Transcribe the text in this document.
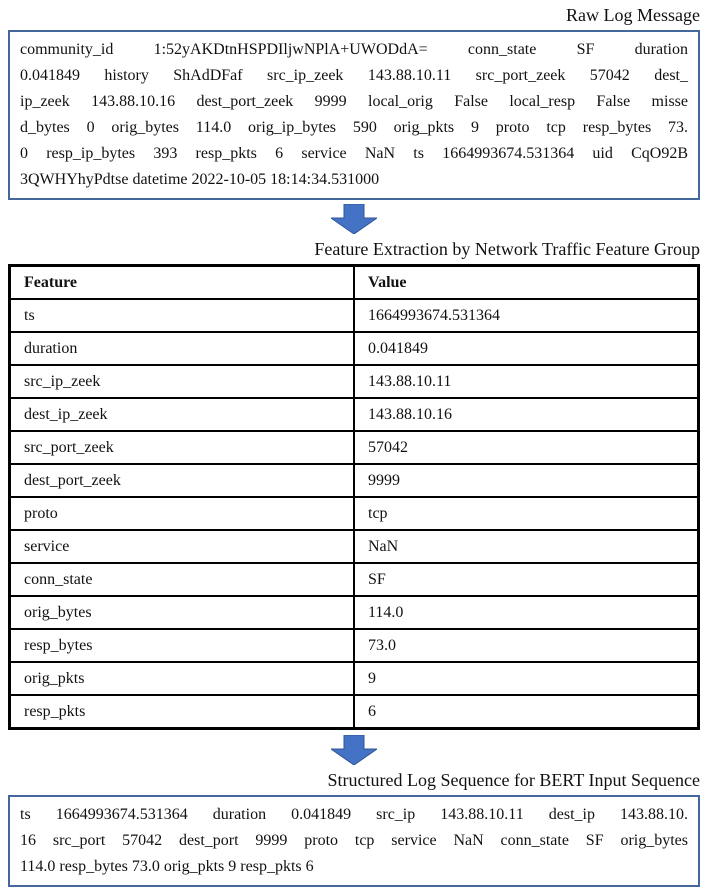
Raw Log Message
community_id 1:52yAKDtnHSPDIljwNPlA+UWODdA= conn_state SF duration
0.041849 history ShAdDFaf src_ip_zeek 143.88.10.11 src_port_zeek 57042 dest_
ip_zeek 143.88.10.16 dest_port_zeek 9999 local_orig False local_resp False misse
d_bytes 0 orig_bytes 114.0 orig_ip_bytes 590 orig_pkts 9 proto tcp resp_bytes 73.
0 resp_ip_bytes 393 resp_pkts 6 service NaN ts 1664993674.531364 uid CqO92B
3QWHYhyPdtse datetime 2022-10-05 18:14:34.531000
Feature Extraction by Network Traffic Feature Group
Feature	Value
ts	1664993674.531364
duration	0.041849
src_ip_zeek	143.88.10.11
dest_ip_zeek	143.88.10.16
src_port_zeek	57042
dest_port_zeek	9999
proto	tcp
service	NaN
conn_state	SF
orig_bytes	114.0
resp_bytes	73.0
orig_pkts	9
resp_pkts	6
Structured Log Sequence for BERT Input Sequence
ts 1664993674.531364 duration 0.041849 src_ip 143.88.10.11 dest_ip 143.88.10.
16 src_port 57042 dest_port 9999 proto tcp service NaN conn_state SF orig_bytes
114.0 resp_bytes 73.0 orig_pkts 9 resp_pkts 6
